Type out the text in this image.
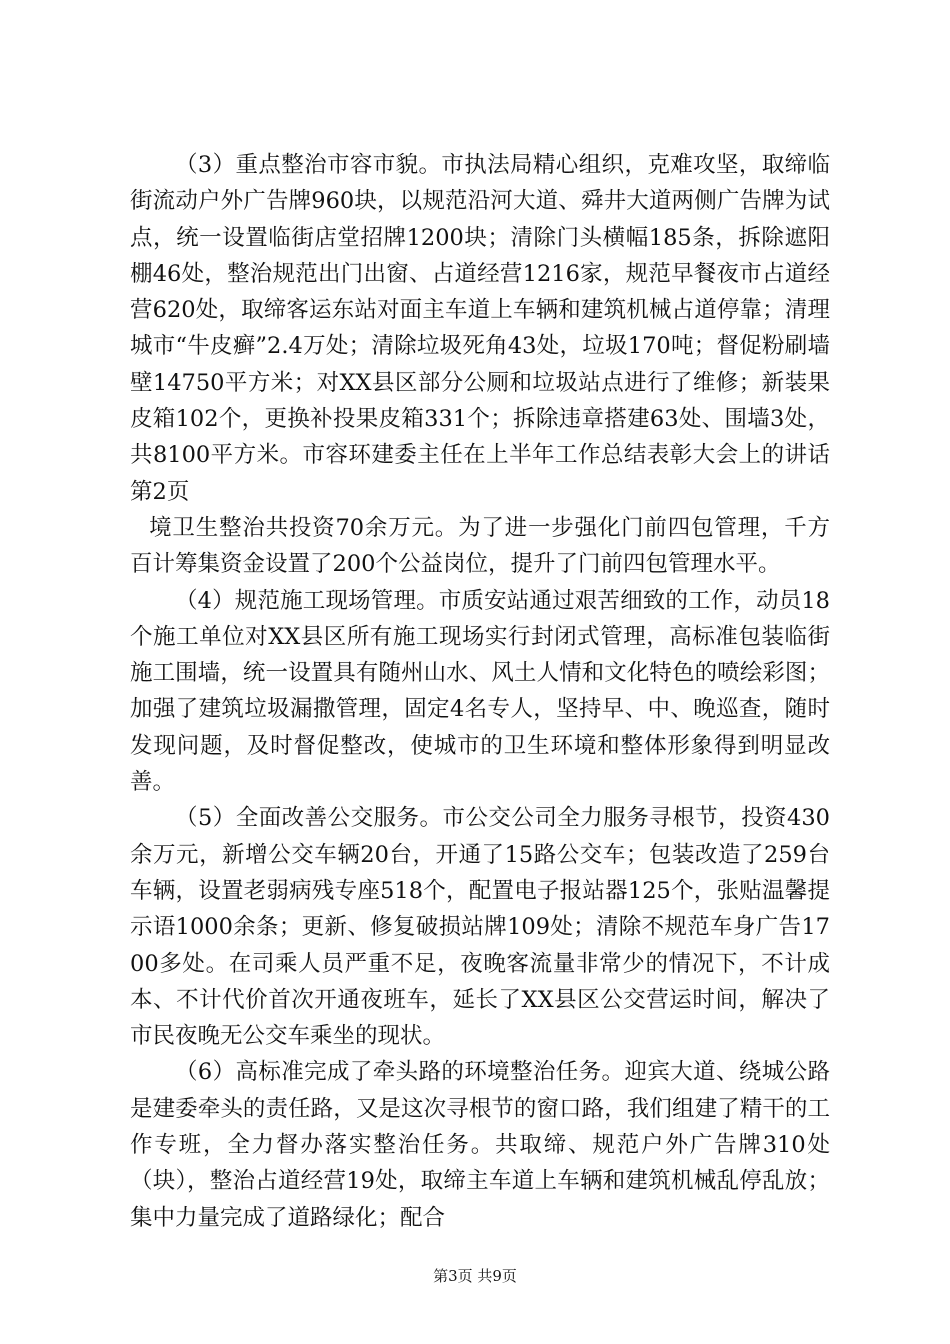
（3）重点整治市容市貌。市执法局精心组织，克难攻坚，取缔临街流动户外广告牌960块，以规范沿河大道、舜井大道两侧广告牌为试点，统一设置临街店堂招牌1200块；清除门头横幅185条，拆除遮阳棚46处，整治规范出门出窗、占道经营1216家，规范早餐夜市占道经营620处，取缔客运东站对面主车道上车辆和建筑机械占道停靠；清理城市“牛皮癣”2.4万处；清除垃圾死角43处，垃圾170吨；督促粉刷墙壁14750平方米；对XX县区部分公厕和垃圾站点进行了维修；新装果皮箱102个，更换补投果皮箱331个；拆除违章搭建63处、围墙3处，共8100平方米。市容环建委主任在上半年工作总结表彰大会上的讲话第2页

境卫生整治共投资70余万元。为了进一步强化门前四包管理，千方百计筹集资金设置了200个公益岗位，提升了门前四包管理水平。

（4）规范施工现场管理。市质安站通过艰苦细致的工作，动员18个施工单位对XX县区所有施工现场实行封闭式管理，高标准包装临街施工围墙，统一设置具有随州山水、风土人情和文化特色的喷绘彩图；加强了建筑垃圾漏撒管理，固定4名专人，坚持早、中、晚巡查，随时发现问题，及时督促整改，使城市的卫生环境和整体形象得到明显改善。

（5）全面改善公交服务。市公交公司全力服务寻根节，投资430余万元，新增公交车辆20台，开通了15路公交车；包装改造了259台车辆，设置老弱病残专座518个，配置电子报站器125个，张贴温馨提示语1000余条；更新、修复破损站牌109处；清除不规范车身广告1700多处。在司乘人员严重不足，夜晚客流量非常少的情况下，不计成本、不计代价首次开通夜班车，延长了XX县区公交营运时间，解决了市民夜晚无公交车乘坐的现状。

（6）高标准完成了牵头路的环境整治任务。迎宾大道、绕城公路是建委牵头的责任路，又是这次寻根节的窗口路，我们组建了精干的工作专班，全力督办落实整治任务。共取缔、规范户外广告牌310处（块），整治占道经营19处，取缔主车道上车辆和建筑机械乱停乱放；集中力量完成了道路绿化；配合

第3页 共9页
